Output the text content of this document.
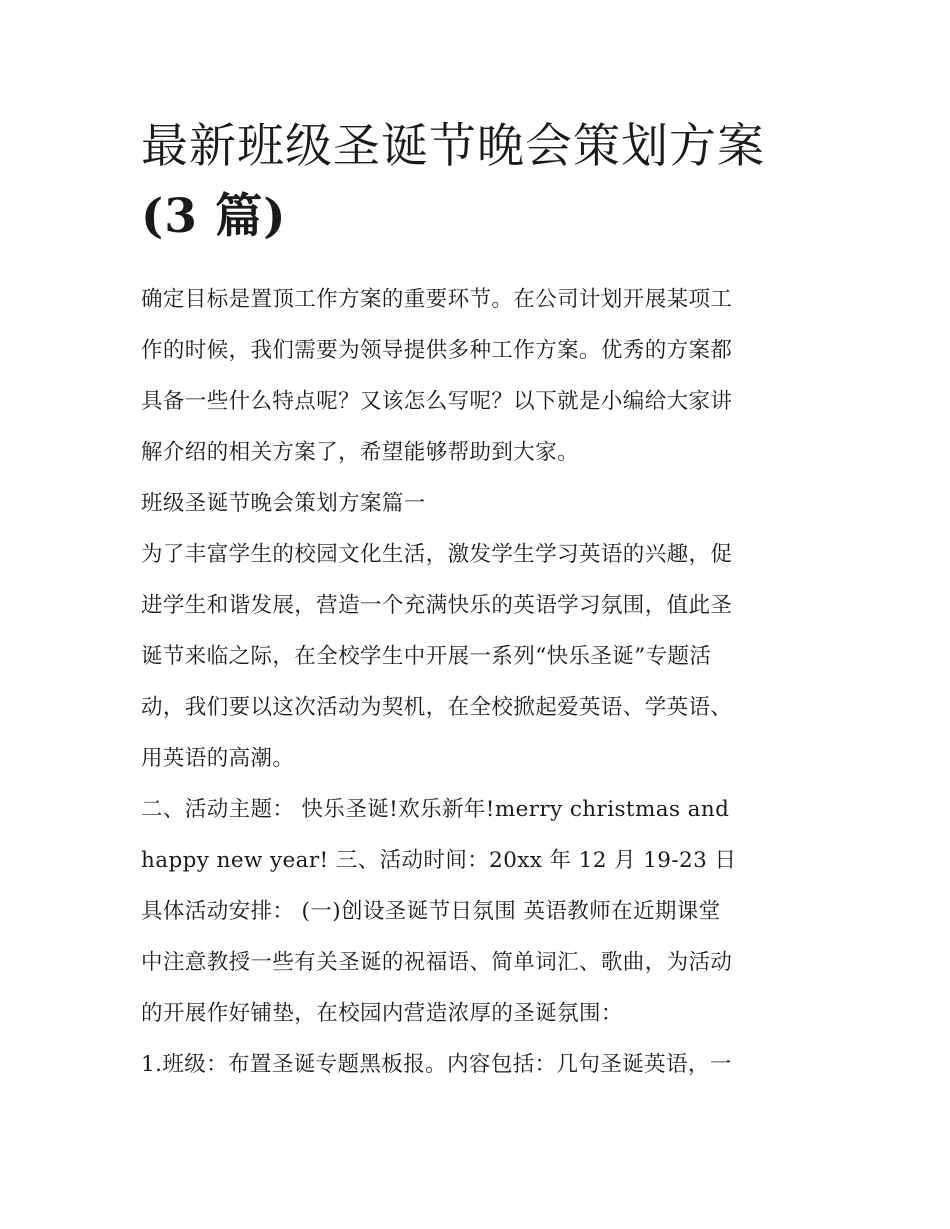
最新班级圣诞节晚会策划方案
(3 篇)

确定目标是置顶工作方案的重要环节。在公司计划开展某项工
作的时候，我们需要为领导提供多种工作方案。优秀的方案都
具备一些什么特点呢？又该怎么写呢？以下就是小编给大家讲
解介绍的相关方案了，希望能够帮助到大家。

班级圣诞节晚会策划方案篇一

为了丰富学生的校园文化生活，激发学生学习英语的兴趣，促
进学生和谐发展，营造一个充满快乐的英语学习氛围，值此圣
诞节来临之际，在全校学生中开展一系列“快乐圣诞”专题活
动，我们要以这次活动为契机，在全校掀起爱英语、学英语、
用英语的高潮。

二、活动主题： 快乐圣诞!欢乐新年!merry christmas and
happy new year! 三、活动时间：20xx 年 12 月 19-23 日

具体活动安排： (一)创设圣诞节日氛围 英语教师在近期课堂
中注意教授一些有关圣诞的祝福语、简单词汇、歌曲，为活动
的开展作好铺垫，在校园内营造浓厚的圣诞氛围：

1.班级：布置圣诞专题黑板报。内容包括：几句圣诞英语，一
